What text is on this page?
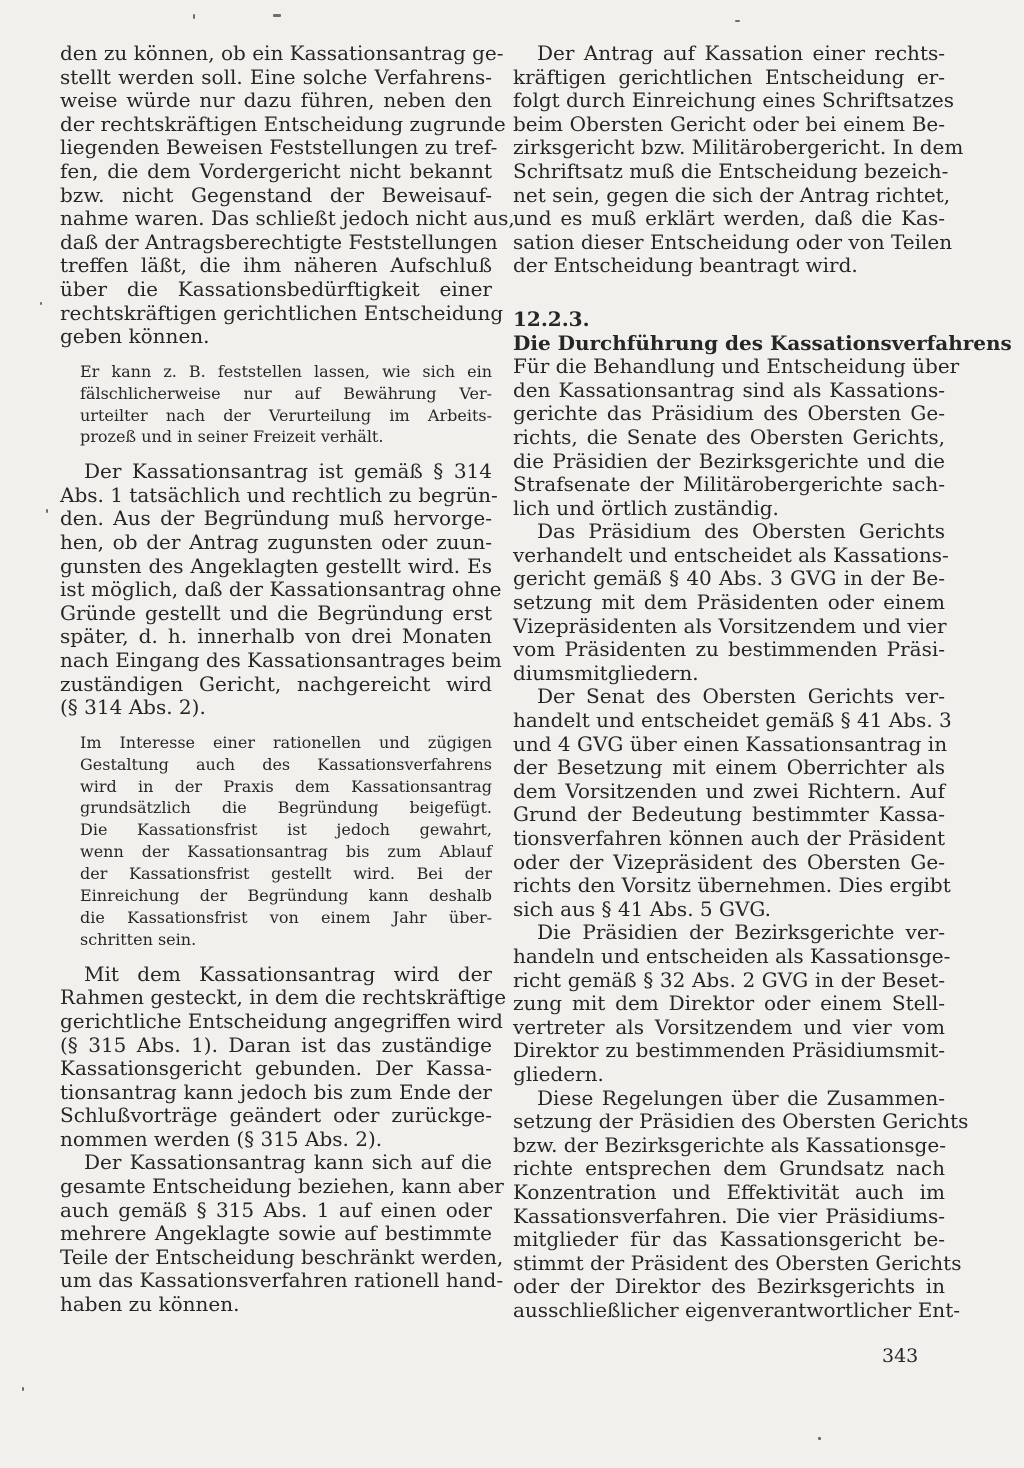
den zu können, ob ein Kassationsantrag ge-
stellt werden soll. Eine solche Verfahrens-
weise würde nur dazu führen, neben den
der rechtskräftigen Entscheidung zugrunde
liegenden Beweisen Feststellungen zu tref-
fen, die dem Vordergericht nicht bekannt
bzw. nicht Gegenstand der Beweisauf-
nahme waren. Das schließt jedoch nicht aus,
daß der Antragsberechtigte Feststellungen
treffen läßt, die ihm näheren Aufschluß
über die Kassationsbedürftigkeit einer
rechtskräftigen gerichtlichen Entscheidung
geben können.
Er kann z. B. feststellen lassen, wie sich ein
fälschlicherweise nur auf Bewährung Ver-
urteilter nach der Verurteilung im Arbeits-
prozeß und in seiner Freizeit verhält.
Der Kassationsantrag ist gemäß § 314
Abs. 1 tatsächlich und rechtlich zu begrün-
den. Aus der Begründung muß hervorge-
hen, ob der Antrag zugunsten oder zuun-
gunsten des Angeklagten gestellt wird. Es
ist möglich, daß der Kassationsantrag ohne
Gründe gestellt und die Begründung erst
später, d. h. innerhalb von drei Monaten
nach Eingang des Kassationsantrages beim
zuständigen Gericht, nachgereicht wird
(§ 314 Abs. 2).
Im Interesse einer rationellen und zügigen
Gestaltung auch des Kassationsverfahrens
wird in der Praxis dem Kassationsantrag
grundsätzlich die Begründung beigefügt.
Die Kassationsfrist ist jedoch gewahrt,
wenn der Kassationsantrag bis zum Ablauf
der Kassationsfrist gestellt wird. Bei der
Einreichung der Begründung kann deshalb
die Kassationsfrist von einem Jahr über-
schritten sein.
Mit dem Kassationsantrag wird der
Rahmen gesteckt, in dem die rechtskräftige
gerichtliche Entscheidung angegriffen wird
(§ 315 Abs. 1). Daran ist das zuständige
Kassationsgericht gebunden. Der Kassa-
tionsantrag kann jedoch bis zum Ende der
Schlußvorträge geändert oder zurückge-
nommen werden (§ 315 Abs. 2).
Der Kassationsantrag kann sich auf die
gesamte Entscheidung beziehen, kann aber
auch gemäß § 315 Abs. 1 auf einen oder
mehrere Angeklagte sowie auf bestimmte
Teile der Entscheidung beschränkt werden,
um das Kassationsverfahren rationell hand-
haben zu können.
Der Antrag auf Kassation einer rechts-
kräftigen gerichtlichen Entscheidung er-
folgt durch Einreichung eines Schriftsatzes
beim Obersten Gericht oder bei einem Be-
zirksgericht bzw. Militärobergericht. In dem
Schriftsatz muß die Entscheidung bezeich-
net sein, gegen die sich der Antrag richtet,
und es muß erklärt werden, daß die Kas-
sation dieser Entscheidung oder von Teilen
der Entscheidung beantragt wird.
12.2.3.
Die Durchführung des Kassationsverfahrens
Für die Behandlung und Entscheidung über
den Kassationsantrag sind als Kassations-
gerichte das Präsidium des Obersten Ge-
richts, die Senate des Obersten Gerichts,
die Präsidien der Bezirksgerichte und die
Strafsenate der Militärobergerichte sach-
lich und örtlich zuständig.
Das Präsidium des Obersten Gerichts
verhandelt und entscheidet als Kassations-
gericht gemäß § 40 Abs. 3 GVG in der Be-
setzung mit dem Präsidenten oder einem
Vizepräsidenten als Vorsitzendem und vier
vom Präsidenten zu bestimmenden Präsi-
diumsmitgliedern.
Der Senat des Obersten Gerichts ver-
handelt und entscheidet gemäß § 41 Abs. 3
und 4 GVG über einen Kassationsantrag in
der Besetzung mit einem Oberrichter als
dem Vorsitzenden und zwei Richtern. Auf
Grund der Bedeutung bestimmter Kassa-
tionsverfahren können auch der Präsident
oder der Vizepräsident des Obersten Ge-
richts den Vorsitz übernehmen. Dies ergibt
sich aus § 41 Abs. 5 GVG.
Die Präsidien der Bezirksgerichte ver-
handeln und entscheiden als Kassationsge-
richt gemäß § 32 Abs. 2 GVG in der Beset-
zung mit dem Direktor oder einem Stell-
vertreter als Vorsitzendem und vier vom
Direktor zu bestimmenden Präsidiumsmit-
gliedern.
Diese Regelungen über die Zusammen-
setzung der Präsidien des Obersten Gerichts
bzw. der Bezirksgerichte als Kassationsge-
richte entsprechen dem Grundsatz nach
Konzentration und Effektivität auch im
Kassationsverfahren. Die vier Präsidiums-
mitglieder für das Kassationsgericht be-
stimmt der Präsident des Obersten Gerichts
oder der Direktor des Bezirksgerichts in
ausschließlicher eigenverantwortlicher Ent-
343
